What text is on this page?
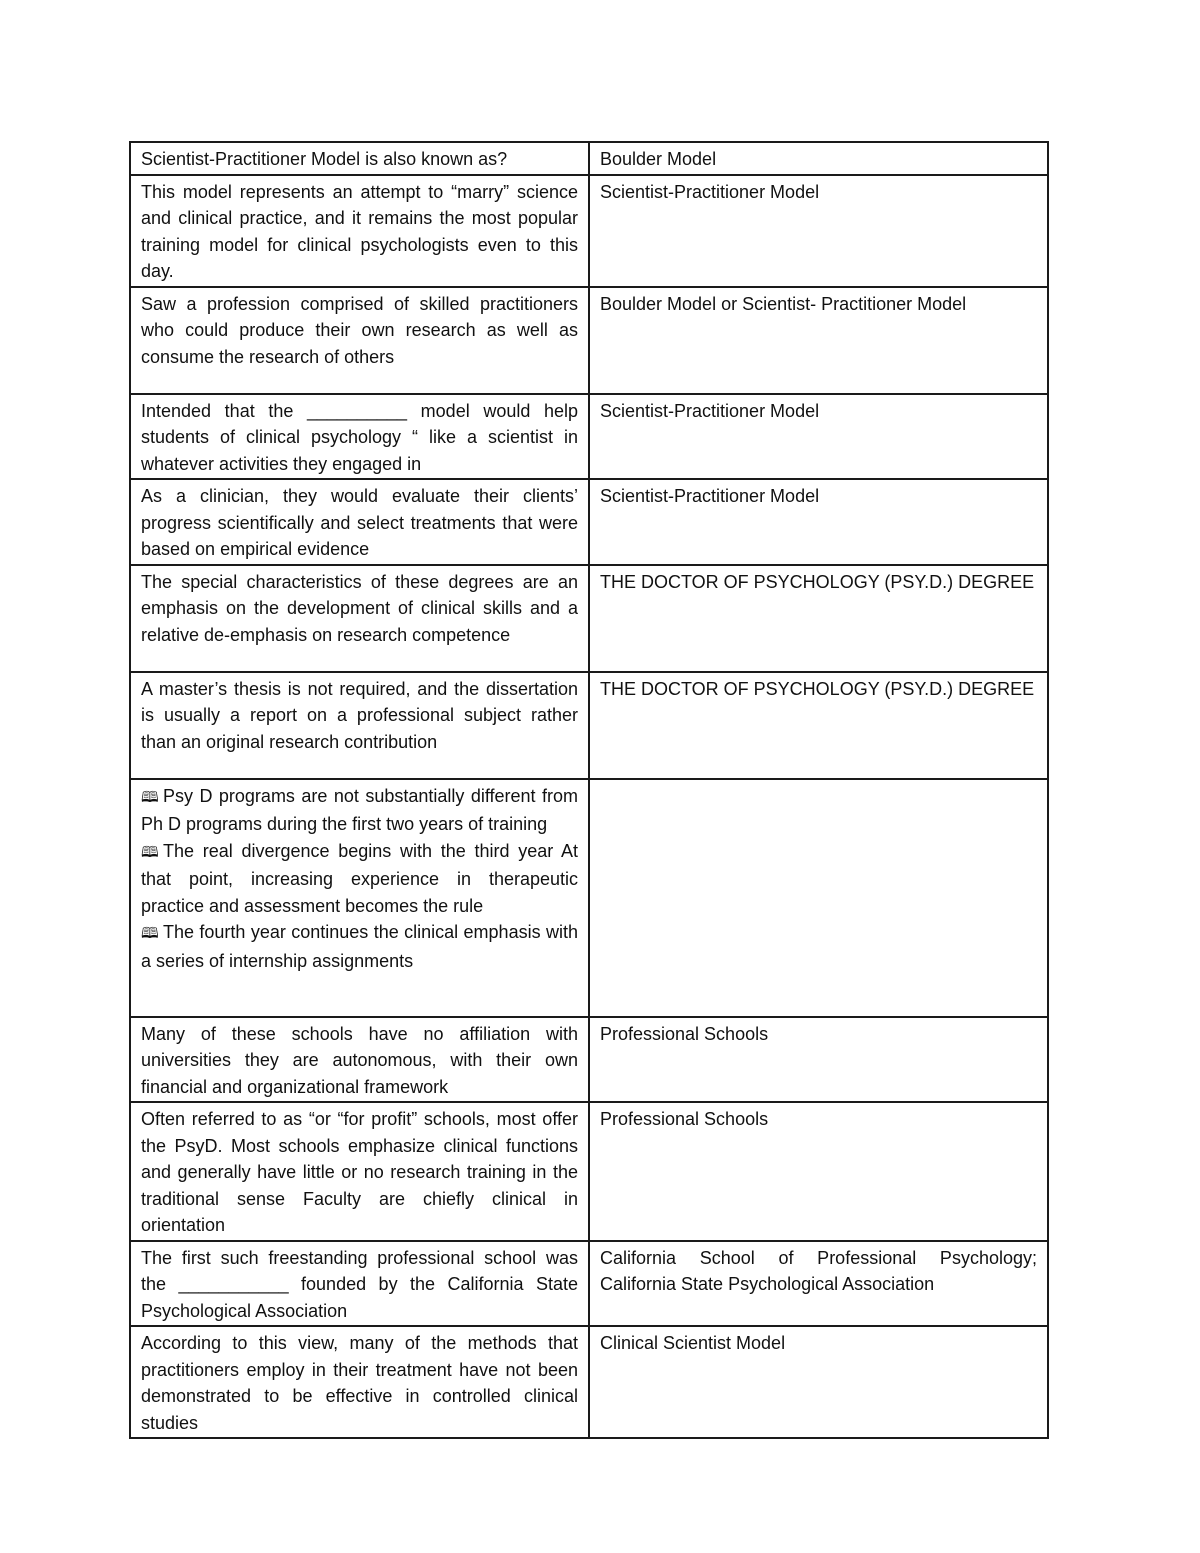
Scientist-Practitioner Model is also known as?	Boulder Model
This model represents an attempt to “marry” science and clinical practice, and it remains the most popular training model for clinical psychologists even to this day.	Scientist-Practitioner Model
Saw a profession comprised of skilled practitioners who could produce their own research as well as consume the research of others	Boulder Model or Scientist- Practitioner Model
Intended that the __________ model would help students of clinical psychology “ like a scientist in whatever activities they engaged in	Scientist-Practitioner Model
As a clinician, they would evaluate their clients’ progress scientifically and select treatments that were based on empirical evidence	Scientist-Practitioner Model
The special characteristics of these degrees are an emphasis on the development of clinical skills and a relative de-emphasis on research competence	THE DOCTOR OF PSYCHOLOGY (PSY.D.) DEGREE
A master’s thesis is not required, and the dissertation is usually a report on a professional subject rather than an original research contribution	THE DOCTOR OF PSYCHOLOGY (PSY.D.) DEGREE

🕮 Psy D programs are not substantially different from Ph D programs during the first two years of training
🕮 The real divergence begins with the third year At that point, increasing experience in therapeutic practice and assessment becomes the rule
🕮 The fourth year continues the clinical emphasis with a series of internship assignments	

Many of these schools have no affiliation with universities they are autonomous, with their own financial and organizational framework	Professional Schools
Often referred to as “or “for profit” schools, most offer the PsyD. Most schools emphasize clinical functions and generally have little or no research training in the traditional sense Faculty are chiefly clinical in orientation	Professional Schools
The first such freestanding professional school was the ___________ founded by the California State Psychological Association	California School of Professional Psychology; California State Psychological Association
According to this view, many of the methods that practitioners employ in their treatment have not been demonstrated to be effective in controlled clinical studies	Clinical Scientist Model
